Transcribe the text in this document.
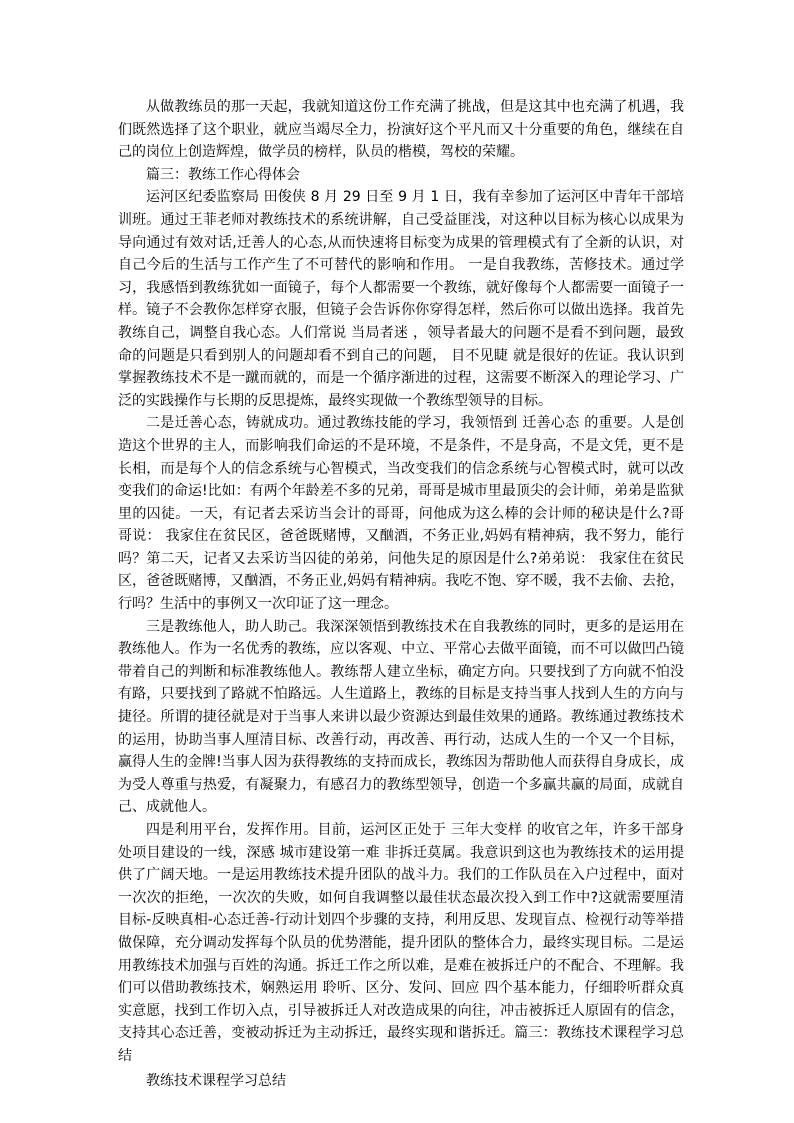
从做教练员的那一天起，我就知道这份工作充满了挑战，但是这其中也充满了机遇，我们既然选择了这个职业，就应当竭尽全力，扮演好这个平凡而又十分重要的角色，继续在自己的岗位上创造辉煌，做学员的榜样，队员的楷模，驾校的荣耀。

篇三：教练工作心得体会

运河区纪委监察局 田俊侠 8 月 29 日至 9 月 1 日，我有幸参加了运河区中青年干部培训班。通过王菲老师对教练技术的系统讲解，自己受益匪浅，对这种以目标为核心以成果为导向通过有效对话,迁善人的心态,从而快速将目标变为成果的管理模式有了全新的认识，对自己今后的生活与工作产生了不可替代的影响和作用。 一是自我教练，苦修技术。通过学习，我感悟到教练犹如一面镜子，每个人都需要一个教练，就好像每个人都需要一面镜子一样。镜子不会教你怎样穿衣服，但镜子会告诉你你穿得怎样，然后你可以做出选择。我首先教练自己，调整自我心态。人们常说 当局者迷 ，领导者最大的问题不是看不到问题，最致命的问题是只看到别人的问题却看不到自己的问题， 目不见睫 就是很好的佐证。我认识到掌握教练技术不是一蹴而就的，而是一个循序渐进的过程，这需要不断深入的理论学习、广泛的实践操作与长期的反思提炼，最终实现做一个教练型领导的目标。

二是迁善心态，铸就成功。通过教练技能的学习，我领悟到 迁善心态 的重要。人是创造这个世界的主人，而影响我们命运的不是环境，不是条件，不是身高，不是文凭，更不是长相，而是每个人的信念系统与心智模式，当改变我们的信念系统与心智模式时，就可以改变我们的命运!比如：有两个年龄差不多的兄弟，哥哥是城市里最顶尖的会计师，弟弟是监狱里的囚徒。一天，有记者去采访当会计的哥哥，问他成为这么棒的会计师的秘诀是什么?哥哥说： 我家住在贫民区，爸爸既赌博，又酗酒，不务正业,妈妈有精神病，我不努力，能行吗？第二天，记者又去采访当囚徒的弟弟，问他失足的原因是什么?弟弟说： 我家住在贫民区，爸爸既赌博，又酗酒，不务正业,妈妈有精神病。我吃不饱、穿不暖，我不去偷、去抢，行吗？生活中的事例又一次印证了这一理念。

三是教练他人，助人助己。我深深领悟到教练技术在自我教练的同时，更多的是运用在教练他人。作为一名优秀的教练，应以客观、中立、平常心去做平面镜，而不可以做凹凸镜带着自己的判断和标准教练他人。教练帮人建立坐标，确定方向。只要找到了方向就不怕没有路，只要找到了路就不怕路远。人生道路上，教练的目标是支持当事人找到人生的方向与捷径。所谓的捷径就是对于当事人来讲以最少资源达到最佳效果的通路。教练通过教练技术的运用，协助当事人厘清目标、改善行动，再改善、再行动，达成人生的一个又一个目标，赢得人生的金牌!当事人因为获得教练的支持而成长，教练因为帮助他人而获得自身成长，成为受人尊重与热爱，有凝聚力，有感召力的教练型领导，创造一个多赢共赢的局面，成就自己、成就他人。

四是利用平台，发挥作用。目前，运河区正处于 三年大变样 的收官之年，许多干部身处项目建设的一线，深感 城市建设第一难 非拆迁莫属。我意识到这也为教练技术的运用提供了广阔天地。一是运用教练技术提升团队的战斗力。我们的工作队员在入户过程中，面对一次次的拒绝，一次次的失败，如何自我调整以最佳状态最次投入到工作中?这就需要厘清目标-反映真相-心态迁善-行动计划四个步骤的支持，利用反思、发现盲点、检视行动等举措做保障，充分调动发挥每个队员的优势潜能，提升团队的整体合力，最终实现目标。二是运用教练技术加强与百姓的沟通。拆迁工作之所以难，是难在被拆迁户的不配合、不理解。我们可以借助教练技术，娴熟运用 聆听、区分、发问、回应 四个基本能力，仔细聆听群众真实意愿，找到工作切入点，引导被拆迁人对改造成果的向往，冲击被拆迁人原固有的信念，支持其心态迁善，变被动拆迁为主动拆迁，最终实现和谐拆迁。篇三：教练技术课程学习总结

教练技术课程学习总结
